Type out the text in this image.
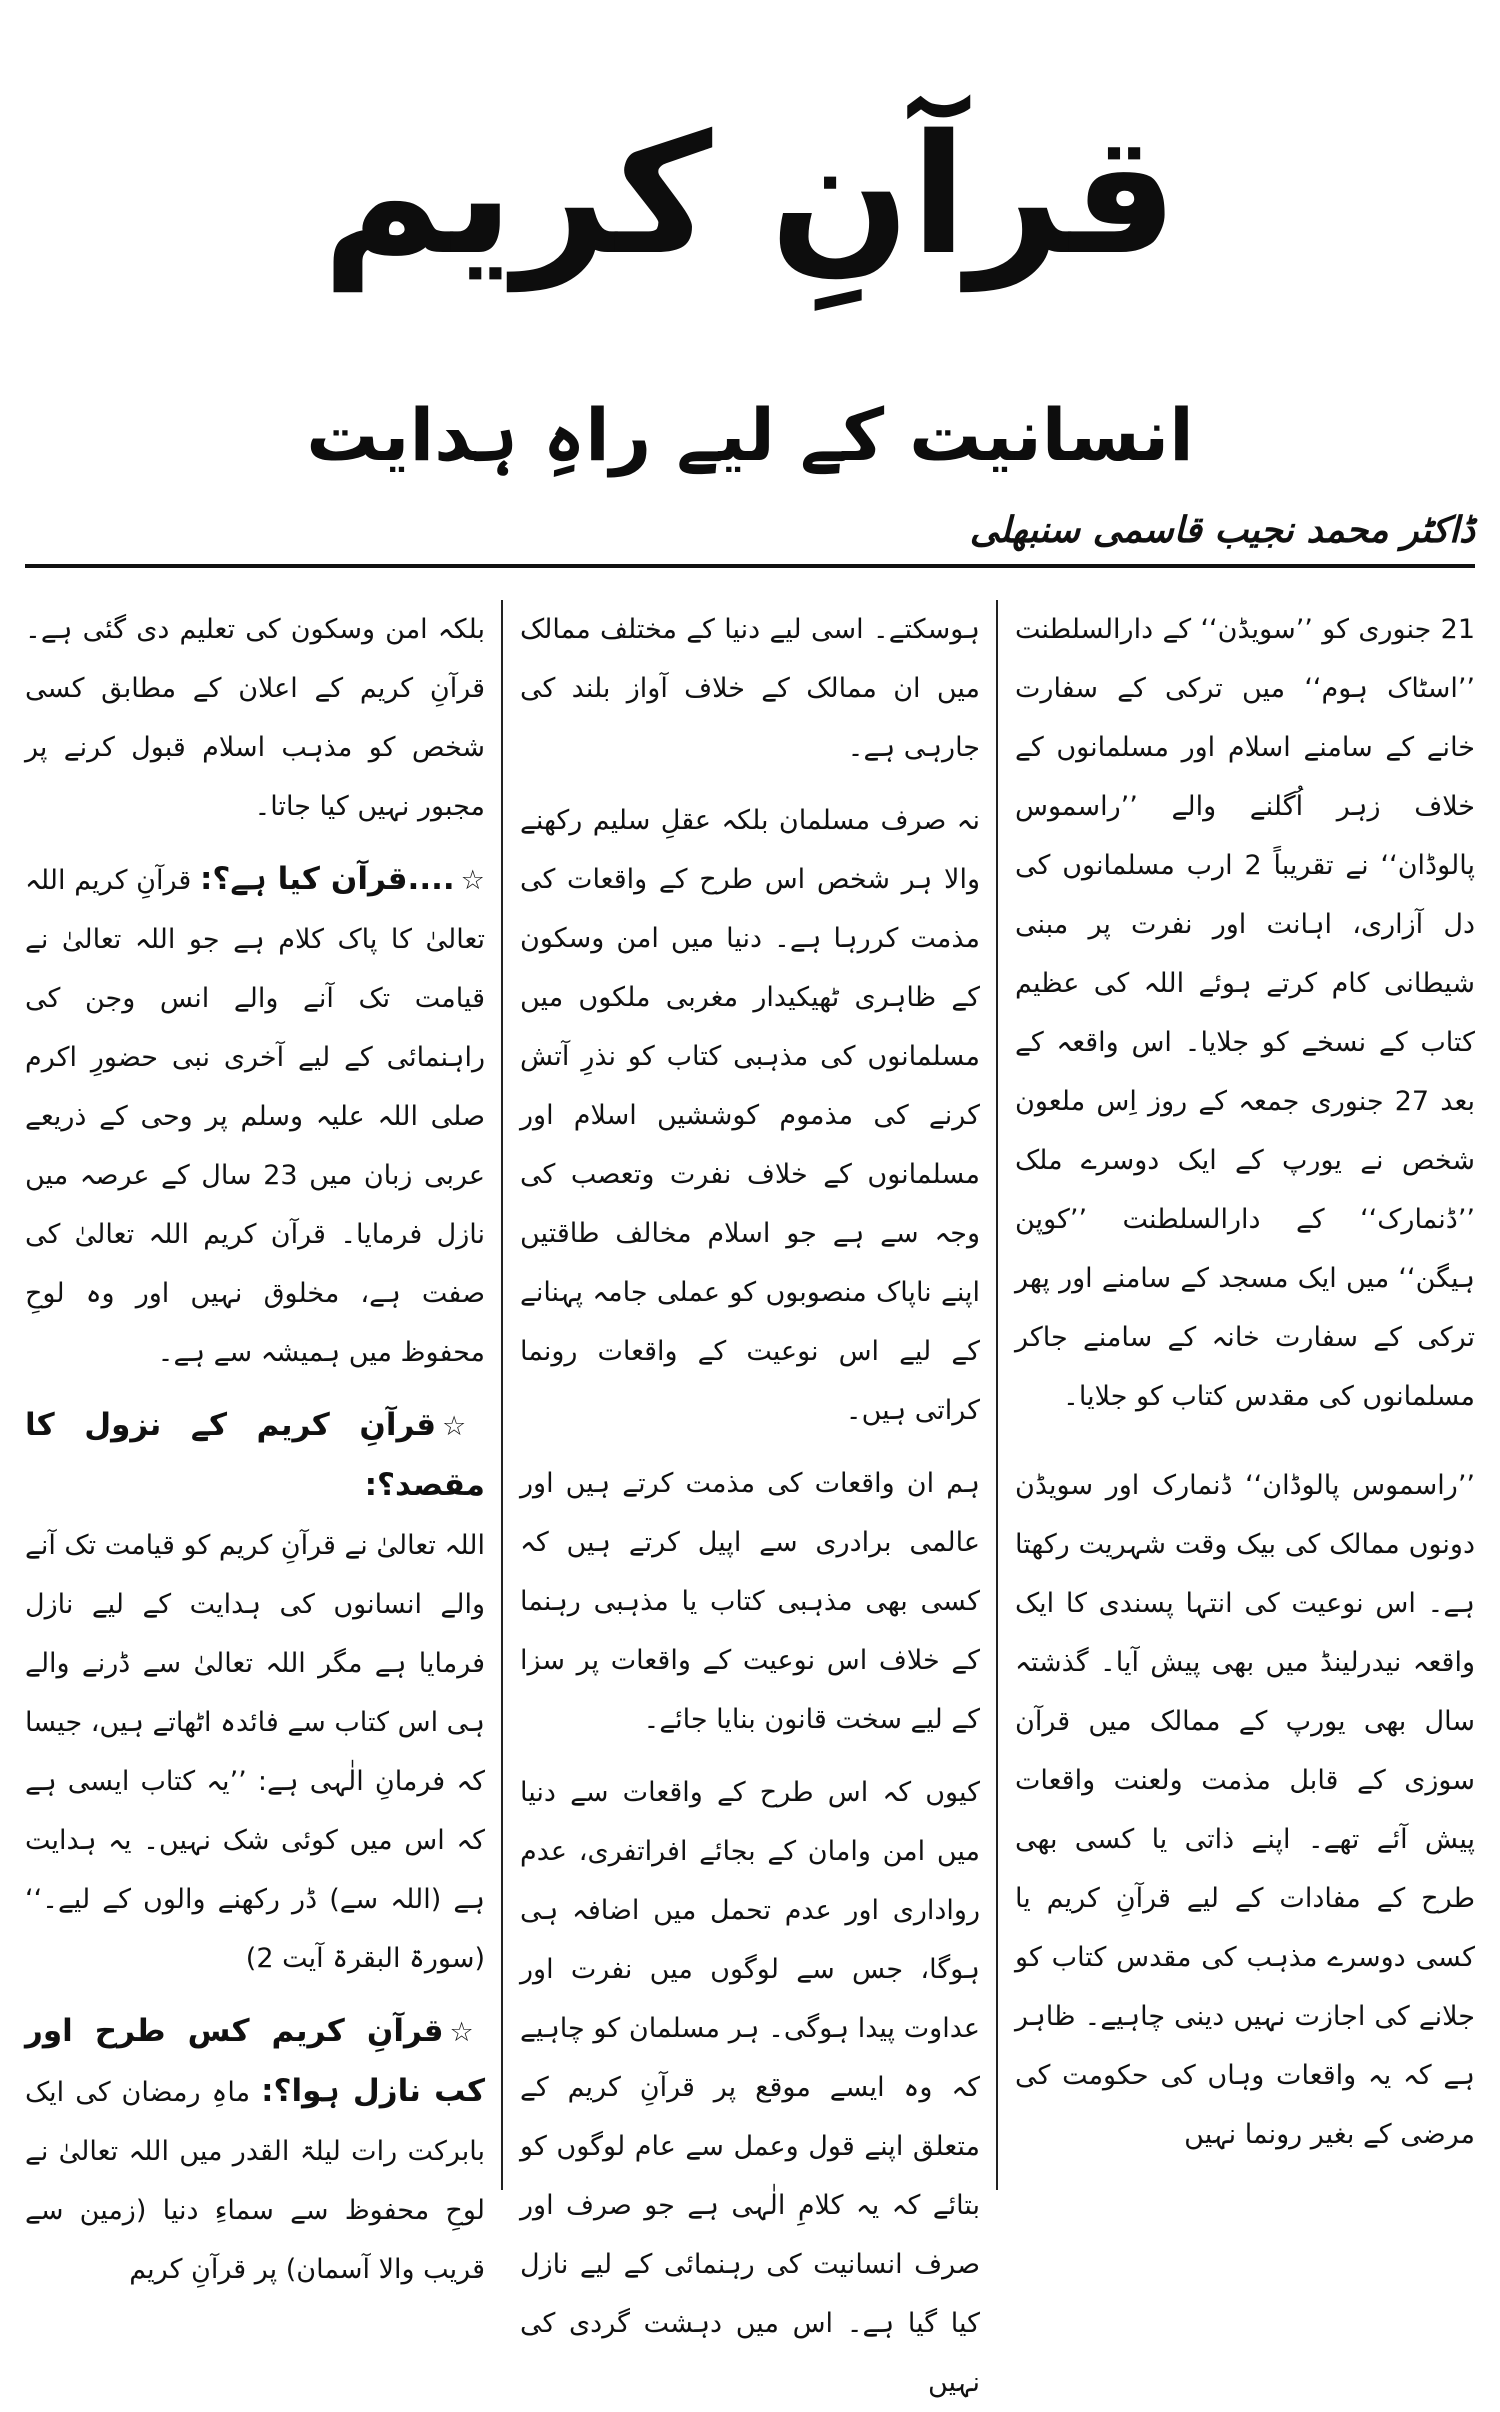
قرآنِ کریم
انسانیت کے لیے راہِ ہدایت

ڈاکٹر محمد نجیب قاسمی سنبھلی

21 جنوری کو ’’سویڈن‘‘ کے دارالسلطنت ’’اسٹاک ہوم‘‘ میں ترکی کے سفارت خانے کے سامنے اسلام اور مسلمانوں کے خلاف زہر اُگلنے والے ’’راسموس پالوڈان‘‘ نے تقریباً 2 ارب مسلمانوں کی دل آزاری، اہانت اور نفرت پر مبنی شیطانی کام کرتے ہوئے اللہ کی عظیم کتاب کے نسخے کو جلایا۔ اس واقعہ کے بعد 27 جنوری جمعہ کے روز اِس ملعون شخص نے یورپ کے ایک دوسرے ملک ’’ڈنمارک‘‘ کے دارالسلطنت ’’کوپن ہیگن‘‘ میں ایک مسجد کے سامنے اور پھر ترکی کے سفارت خانہ کے سامنے جاکر مسلمانوں کی مقدس کتاب کو جلایا۔

’’راسموس پالوڈان‘‘ ڈنمارک اور سویڈن دونوں ممالک کی بیک وقت شہریت رکھتا ہے۔ اس نوعیت کی انتہا پسندی کا ایک واقعہ نیدرلینڈ میں بھی پیش آیا۔ گذشتہ سال بھی یورپ کے ممالک میں قرآن سوزی کے قابل مذمت ولعنت واقعات پیش آئے تھے۔ اپنے ذاتی یا کسی بھی طرح کے مفادات کے لیے قرآنِ کریم یا کسی دوسرے مذہب کی مقدس کتاب کو جلانے کی اجازت نہیں دینی چاہیے۔ ظاہر ہے کہ یہ واقعات وہاں کی حکومت کی مرضی کے بغیر رونما نہیں

ہوسکتے۔ اسی لیے دنیا کے مختلف ممالک میں ان ممالک کے خلاف آواز بلند کی جارہی ہے۔

نہ صرف مسلمان بلکہ عقلِ سلیم رکھنے والا ہر شخص اس طرح کے واقعات کی مذمت کررہا ہے۔ دنیا میں امن وسکون کے ظاہری ٹھیکیدار مغربی ملکوں میں مسلمانوں کی مذہبی کتاب کو نذرِ آتش کرنے کی مذموم کوششیں اسلام اور مسلمانوں کے خلاف نفرت وتعصب کی وجہ سے ہے جو اسلام مخالف طاقتیں اپنے ناپاک منصوبوں کو عملی جامہ پہنانے کے لیے اس نوعیت کے واقعات رونما کراتی ہیں۔

ہم ان واقعات کی مذمت کرتے ہیں اور عالمی برادری سے اپیل کرتے ہیں کہ کسی بھی مذہبی کتاب یا مذہبی رہنما کے خلاف اس نوعیت کے واقعات پر سزا کے لیے سخت قانون بنایا جائے۔

کیوں کہ اس طرح کے واقعات سے دنیا میں امن وامان کے بجائے افراتفری، عدم رواداری اور عدم تحمل میں اضافہ ہی ہوگا، جس سے لوگوں میں نفرت اور عداوت پیدا ہوگی۔ ہر مسلمان کو چاہیے کہ وہ ایسے موقع پر قرآنِ کریم کے متعلق اپنے قول وعمل سے عام لوگوں کو بتائے کہ یہ کلامِ الٰہی ہے جو صرف اور صرف انسانیت کی رہنمائی کے لیے نازل کیا گیا ہے۔ اس میں دہشت گردی کی نہیں

بلکہ امن وسکون کی تعلیم دی گئی ہے۔ قرآنِ کریم کے اعلان کے مطابق کسی شخص کو مذہب اسلام قبول کرنے پر مجبور نہیں کیا جاتا۔

☆....قرآن کیا ہے؟: قرآنِ کریم اللہ تعالیٰ کا پاک کلام ہے جو اللہ تعالیٰ نے قیامت تک آنے والے انس وجن کی راہنمائی کے لیے آخری نبی حضورِ اکرم صلی اللہ علیہ وسلم پر وحی کے ذریعے عربی زبان میں 23 سال کے عرصہ میں نازل فرمایا۔ قرآن کریم اللہ تعالیٰ کی صفت ہے، مخلوق نہیں اور وہ لوحِ محفوظ میں ہمیشہ سے ہے۔

☆قرآنِ کریم کے نزول کا مقصد؟:

اللہ تعالیٰ نے قرآنِ کریم کو قیامت تک آنے والے انسانوں کی ہدایت کے لیے نازل فرمایا ہے مگر اللہ تعالیٰ سے ڈرنے والے ہی اس کتاب سے فائدہ اٹھاتے ہیں، جیسا کہ فرمانِ الٰہی ہے: ’’یہ کتاب ایسی ہے کہ اس میں کوئی شک نہیں۔ یہ ہدایت ہے (اللہ سے) ڈر رکھنے والوں کے لیے۔‘‘ (سورۃ البقرۃ آیت 2)

☆قرآنِ کریم کس طرح اور کب نازل ہوا؟: ماہِ رمضان کی ایک بابرکت رات لیلۃ القدر میں اللہ تعالیٰ نے لوحِ محفوظ سے سماءِ دنیا (زمین سے قریب والا آسمان) پر قرآنِ کریم
